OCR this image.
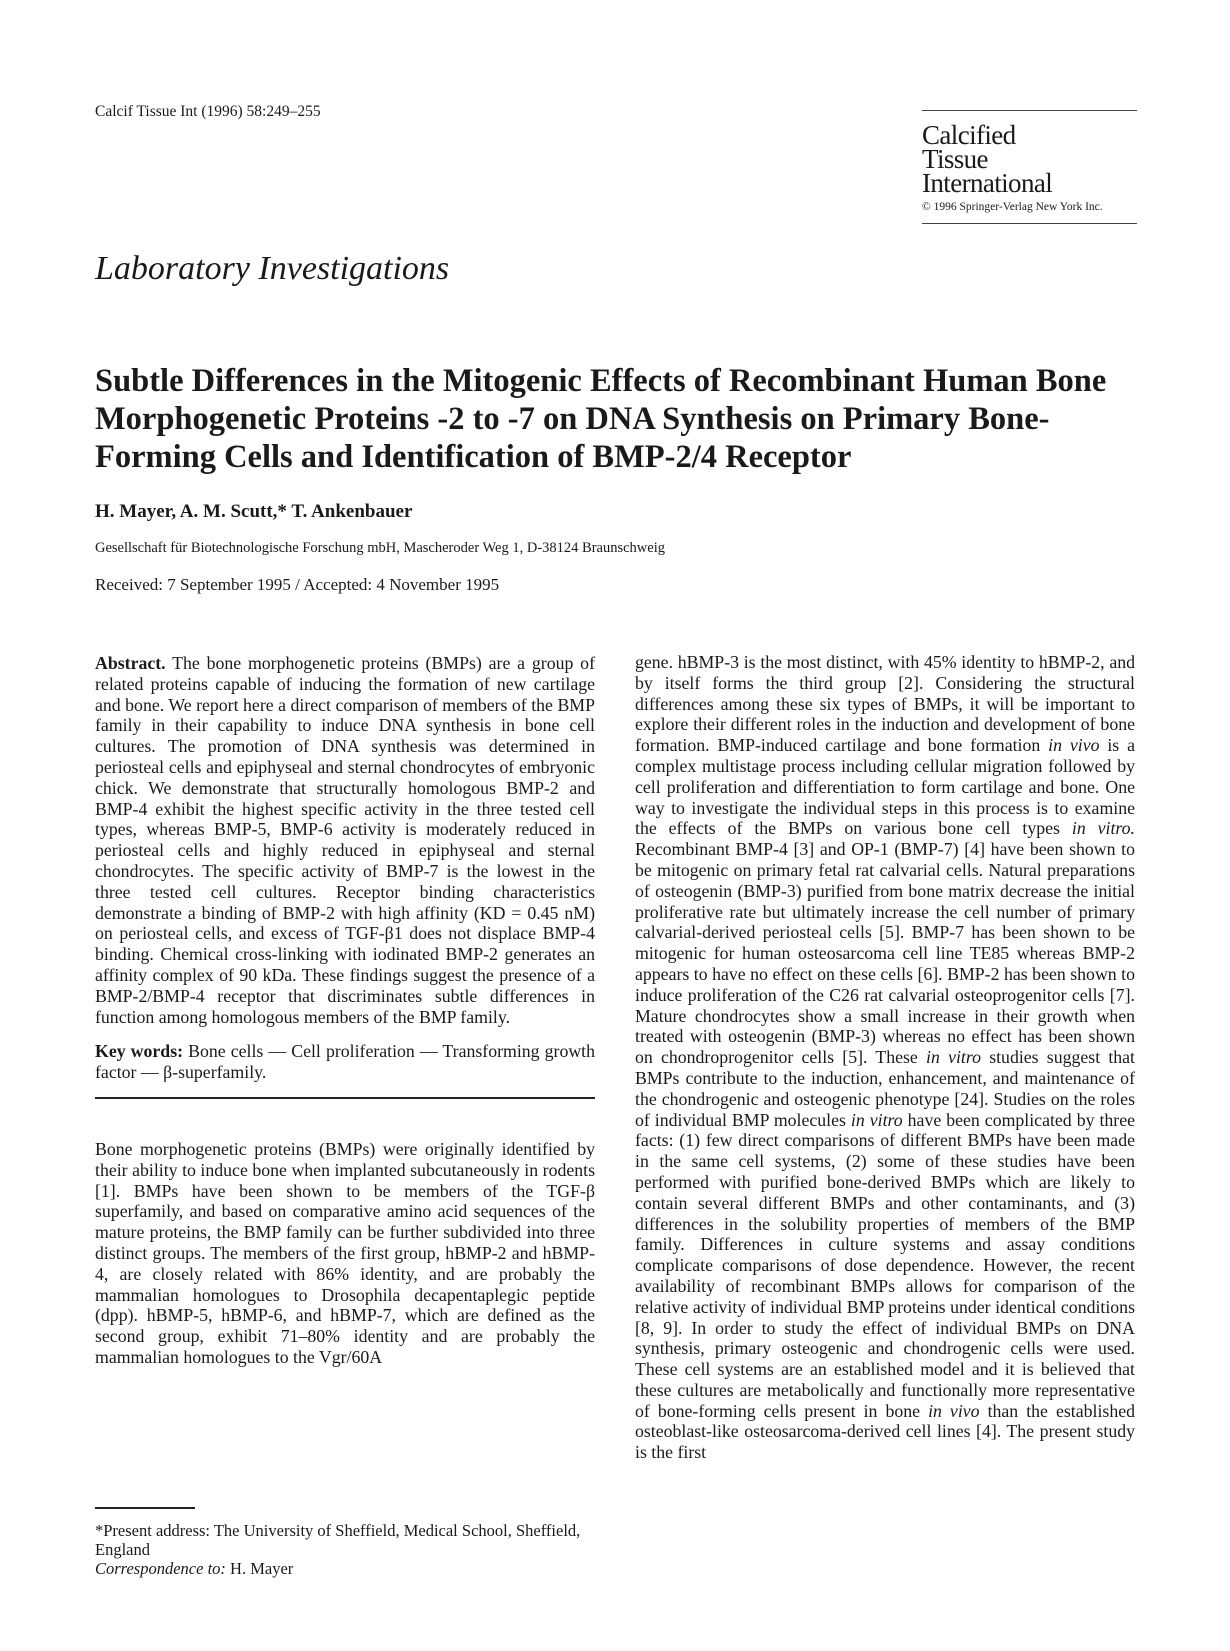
Calcif Tissue Int (1996) 58:249–255
Calcified
Tissue
International
© 1996 Springer-Verlag New York Inc.
Laboratory Investigations
Subtle Differences in the Mitogenic Effects of Recombinant Human Bone Morphogenetic Proteins -2 to -7 on DNA Synthesis on Primary Bone-Forming Cells and Identification of BMP-2/4 Receptor
H. Mayer, A. M. Scutt,* T. Ankenbauer
Gesellschaft für Biotechnologische Forschung mbH, Mascheroder Weg 1, D-38124 Braunschweig
Received: 7 September 1995 / Accepted: 4 November 1995

Abstract. The bone morphogenetic proteins (BMPs) are a group of related proteins capable of inducing the formation of new cartilage and bone. We report here a direct comparison of members of the BMP family in their capability to induce DNA synthesis in bone cell cultures. The promotion of DNA synthesis was determined in periosteal cells and epiphyseal and sternal chondrocytes of embryonic chick. We demonstrate that structurally homologous BMP-2 and BMP-4 exhibit the highest specific activity in the three tested cell types, whereas BMP-5, BMP-6 activity is moderately reduced in periosteal cells and highly reduced in epiphyseal and sternal chondrocytes. The specific activity of BMP-7 is the lowest in the three tested cell cultures. Receptor binding characteristics demonstrate a binding of BMP-2 with high affinity (KD = 0.45 nM) on periosteal cells, and excess of TGF-β1 does not displace BMP-4 binding. Chemical cross-linking with iodinated BMP-2 generates an affinity complex of 90 kDa. These findings suggest the presence of a BMP-2/BMP-4 receptor that discriminates subtle differences in function among homologous members of the BMP family.

Key words: Bone cells — Cell proliferation — Transforming growth factor — β-superfamily.

Bone morphogenetic proteins (BMPs) were originally identified by their ability to induce bone when implanted subcutaneously in rodents [1]. BMPs have been shown to be members of the TGF-β superfamily, and based on comparative amino acid sequences of the mature proteins, the BMP family can be further subdivided into three distinct groups. The members of the first group, hBMP-2 and hBMP-4, are closely related with 86% identity, and are probably the mammalian homologues to Drosophila decapentaplegic peptide (dpp). hBMP-5, hBMP-6, and hBMP-7, which are defined as the second group, exhibit 71–80% identity and are probably the mammalian homologues to the Vgr/60A

gene. hBMP-3 is the most distinct, with 45% identity to hBMP-2, and by itself forms the third group [2]. Considering the structural differences among these six types of BMPs, it will be important to explore their different roles in the induction and development of bone formation. BMP-induced cartilage and bone formation in vivo is a complex multistage process including cellular migration followed by cell proliferation and differentiation to form cartilage and bone. One way to investigate the individual steps in this process is to examine the effects of the BMPs on various bone cell types in vitro. Recombinant BMP-4 [3] and OP-1 (BMP-7) [4] have been shown to be mitogenic on primary fetal rat calvarial cells. Natural preparations of osteogenin (BMP-3) purified from bone matrix decrease the initial proliferative rate but ultimately increase the cell number of primary calvarial-derived periosteal cells [5]. BMP-7 has been shown to be mitogenic for human osteosarcoma cell line TE85 whereas BMP-2 appears to have no effect on these cells [6]. BMP-2 has been shown to induce proliferation of the C26 rat calvarial osteoprogenitor cells [7]. Mature chondrocytes show a small increase in their growth when treated with osteogenin (BMP-3) whereas no effect has been shown on chondroprogenitor cells [5]. These in vitro studies suggest that BMPs contribute to the induction, enhancement, and maintenance of the chondrogenic and osteogenic phenotype [24]. Studies on the roles of individual BMP molecules in vitro have been complicated by three facts: (1) few direct comparisons of different BMPs have been made in the same cell systems, (2) some of these studies have been performed with purified bone-derived BMPs which are likely to contain several different BMPs and other contaminants, and (3) differences in the solubility properties of members of the BMP family. Differences in culture systems and assay conditions complicate comparisons of dose dependence. However, the recent availability of recombinant BMPs allows for comparison of the relative activity of individual BMP proteins under identical conditions [8, 9]. In order to study the effect of individual BMPs on DNA synthesis, primary osteogenic and chondrogenic cells were used. These cell systems are an established model and it is believed that these cultures are metabolically and functionally more representative of bone-forming cells present in bone in vivo than the established osteoblast-like osteosarcoma-derived cell lines [4]. The present study is the first

*Present address: The University of Sheffield, Medical School, Sheffield, England
Correspondence to: H. Mayer
